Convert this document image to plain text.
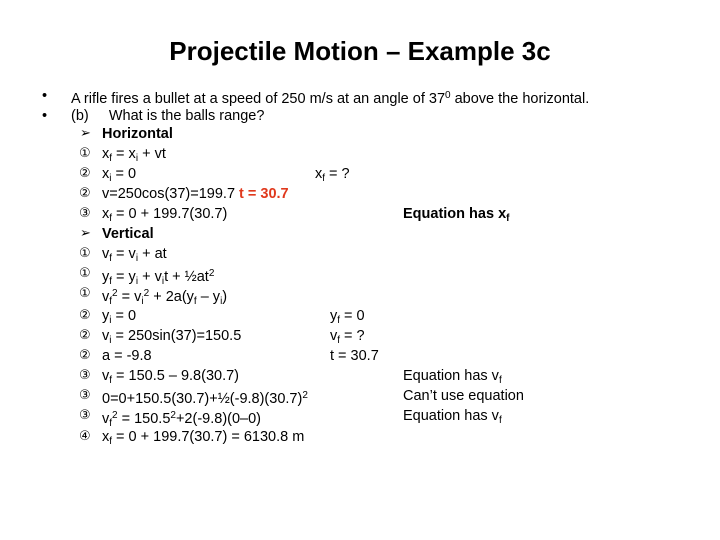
Projectile Motion – Example 3c
• A rifle fires a bullet at a speed of 250 m/s at an angle of $37^0$ above the horizontal.
• (b)     What is the balls range?
➢ Horizontal
① $x_f = x_i$ + vt
② $x_i = 0$	$x_f$ = ?
② v=250cos(37)=199.7 t = 30.7
③ $x_f = 0 + 199.7(30.7)$	Equation has $x_f$
➢ Vertical
① $v_f = v_i$ + at
① $y_f = y_i + v_it$ + $\frac{1}{2}at^2$
① $v_f^2 = v_i^2 + 2a(y_f - y_i)$
② $y_i = 0$	$y_f = 0$
② $v_i = 250\sin(37)=150.5$	$v_f$ = ?
② a = -9.8	t = 30.7
③ $v_f = 150.5 - 9.8(30.7)$	Equation has $v_f$
③ $0=0+150.5(30.7)+\frac{1}{2}(-9.8)(30.7)^2$	Can’t use equation
③ $v_f^2 = 150.5^2+2(-9.8)(0-0)$	Equation has $v_f$
④ $x_f = 0 + 199.7(30.7) = 6130.8$ m
